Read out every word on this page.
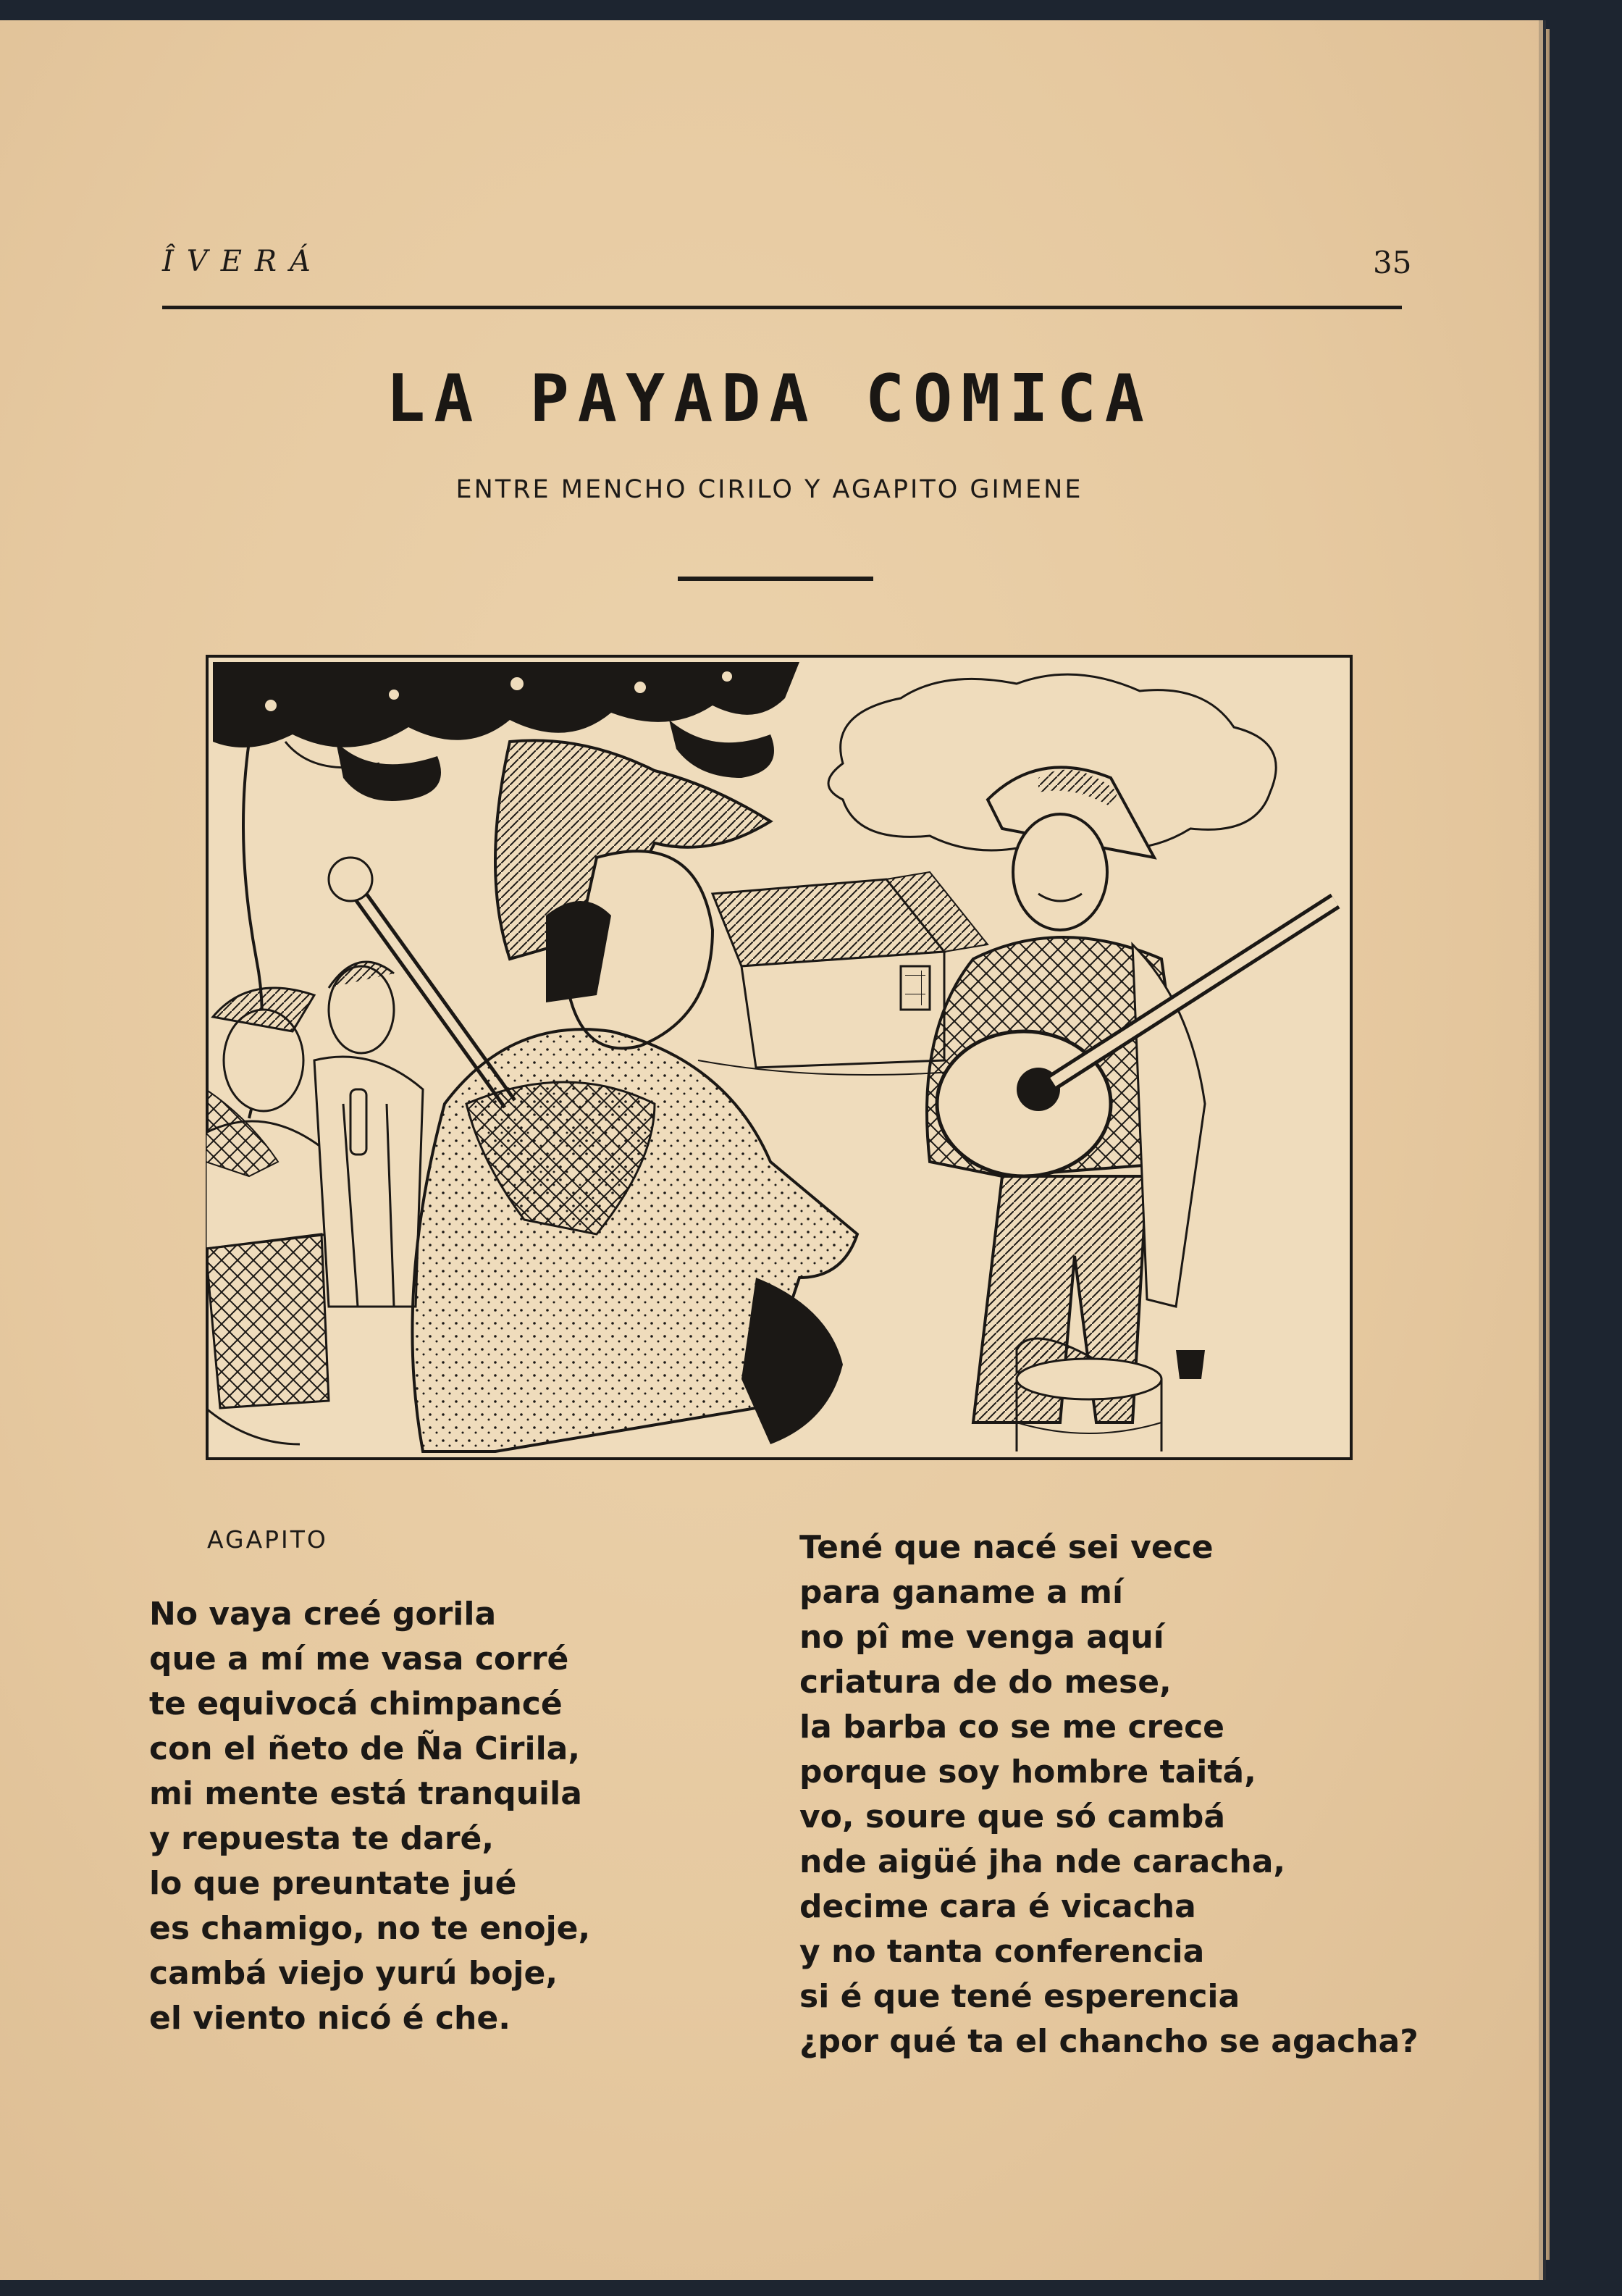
ÎVERÁ	35
LA PAYADA COMICA
ENTRE MENCHO CIRILO Y AGAPITO GIMENE
AGAPITO
No vaya creé gorila
que a mí me vasa corré
te equivocá chimpancé
con el ñeto de Ña Cirila,
mi mente está tranquila
y repuesta te daré,
lo que preuntate jué
es chamigo, no te enoje,
cambá viejo yurú boje,
el viento nicó é che.
Tené que nacé sei vece
para ganame a mí
no pî me venga aquí
criatura de do mese,
la barba co se me crece
porque soy hombre taitá,
vo, soure que só cambá
nde aigüé jha nde caracha,
decime cara é vicacha
y no tanta conferencia
si é que tené esperencia
¿por qué ta el chancho se agacha?
